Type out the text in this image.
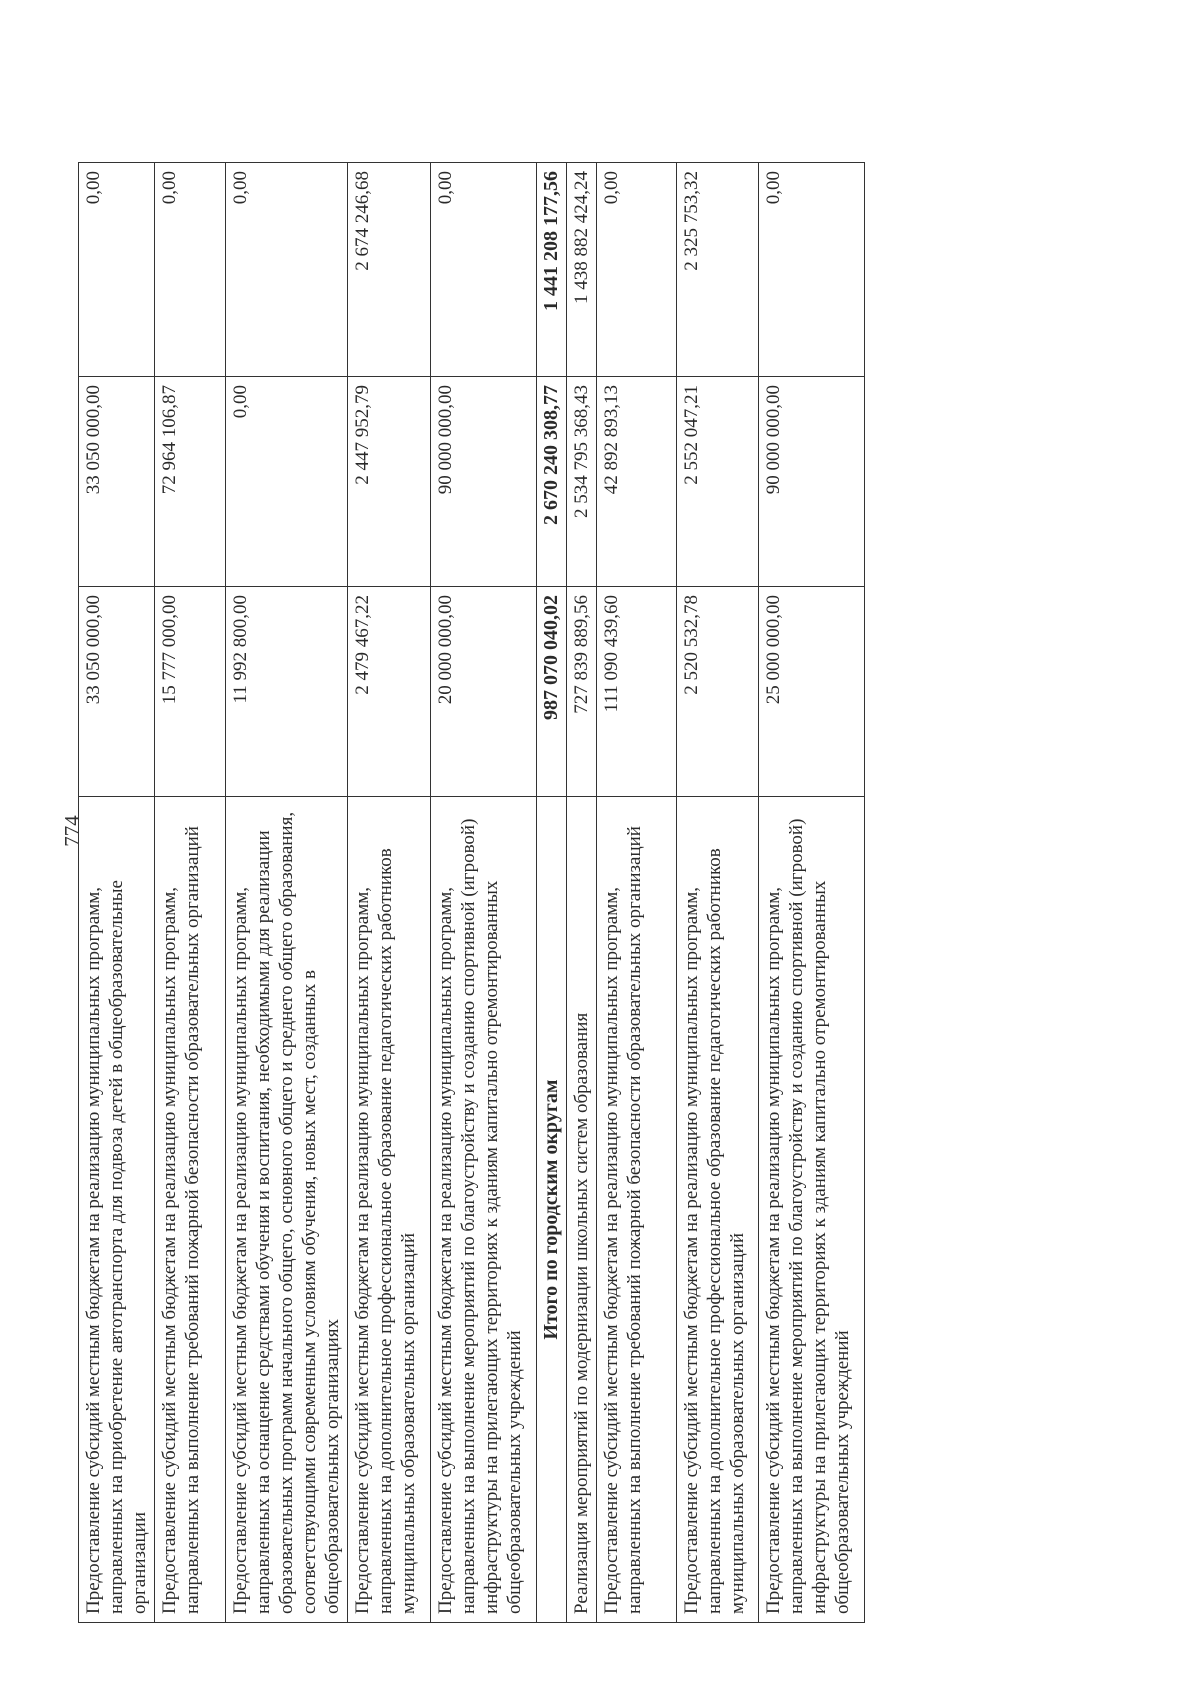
774
Предоставление субсидий местным бюджетам на реализацию муниципальных программ, направленных на приобретение автотранспорта для подвоза детей в общеобразовательные организации	33 050 000,00	33 050 000,00	0,00
Предоставление субсидий местным бюджетам на реализацию муниципальных программ, направленных на выполнение требований пожарной безопасности образовательных организаций	15 777 000,00	72 964 106,87	0,00
Предоставление субсидий местным бюджетам на реализацию муниципальных программ, направленных на оснащение средствами обучения и воспитания, необходимыми для реализации образовательных программ начального общего, основного общего и среднего общего образования, соответствующими современным условиям обучения, новых мест, созданных в общеобразовательных организациях	11 992 800,00	0,00	0,00
Предоставление субсидий местным бюджетам на реализацию муниципальных программ, направленных на дополнительное профессиональное образование педагогических работников муниципальных образовательных организаций	2 479 467,22	2 447 952,79	2 674 246,68
Предоставление субсидий местным бюджетам на реализацию муниципальных программ, направленных на выполнение мероприятий по благоустройству и созданию спортивной (игровой) инфраструктуры на прилегающих территориях к зданиям капитально отремонтированных общеобразовательных учреждений	20 000 000,00	90 000 000,00	0,00
Итого по городским округам	987 070 040,02	2 670 240 308,77	1 441 208 177,56
Реализация мероприятий по модернизации школьных систем образования	727 839 889,56	2 534 795 368,43	1 438 882 424,24
Предоставление субсидий местным бюджетам на реализацию муниципальных программ, направленных на выполнение требований пожарной безопасности образовательных организаций	111 090 439,60	42 892 893,13	0,00
Предоставление субсидий местным бюджетам на реализацию муниципальных программ, направленных на дополнительное профессиональное образование педагогических работников муниципальных образовательных организаций	2 520 532,78	2 552 047,21	2 325 753,32
Предоставление субсидий местным бюджетам на реализацию муниципальных программ, направленных на выполнение мероприятий по благоустройству и созданию спортивной (игровой) инфраструктуры на прилегающих территориях к зданиям капитально отремонтированных общеобразовательных учреждений	25 000 000,00	90 000 000,00	0,00
